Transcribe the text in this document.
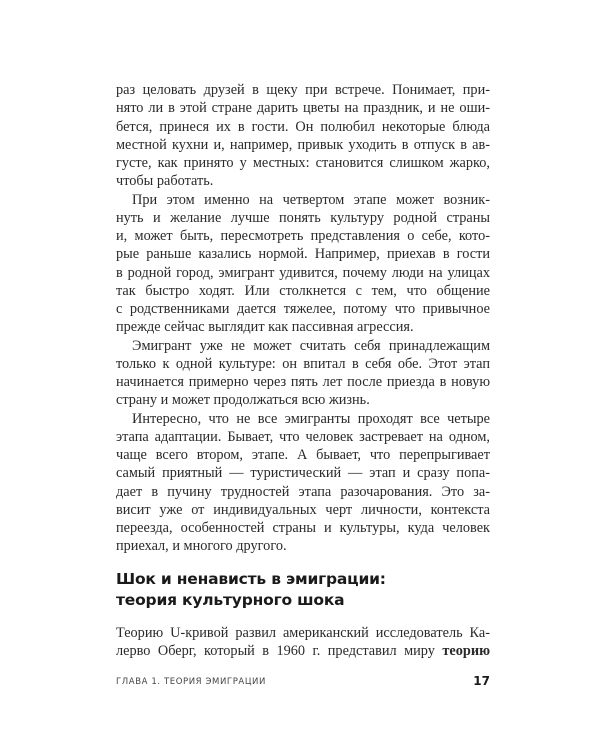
раз целовать друзей в щеку при встрече. Понимает, при-
нято ли в этой стране дарить цветы на праздник, и не оши-
бется, принеся их в гости. Он полюбил некоторые блюда
местной кухни и, например, привык уходить в отпуск в ав-
густе, как принято у местных: становится слишком жарко,
чтобы работать.
При этом именно на четвертом этапе может возник-
нуть и желание лучше понять культуру родной страны
и, может быть, пересмотреть представления о себе, кото-
рые раньше казались нормой. Например, приехав в гости
в родной город, эмигрант удивится, почему люди на улицах
так быстро ходят. Или столкнется с тем, что общение
с родственниками дается тяжелее, потому что привычное
прежде сейчас выглядит как пассивная агрессия.
Эмигрант уже не может считать себя принадлежащим
только к одной культуре: он впитал в себя обе. Этот этап
начинается примерно через пять лет после приезда в новую
страну и может продолжаться всю жизнь.
Интересно, что не все эмигранты проходят все четыре
этапа адаптации. Бывает, что человек застревает на одном,
чаще всего втором, этапе. А бывает, что перепрыгивает
самый приятный — туристический — этап и сразу попа-
дает в пучину трудностей этапа разочарования. Это за-
висит уже от индивидуальных черт личности, контекста
переезда, особенностей страны и культуры, куда человек
приехал, и многого другого.
Шок и ненависть в эмиграции:
теория культурного шока
Теорию U-кривой развил американский исследователь Ка-
лерво Оберг, который в 1960 г. представил миру теорию
ГЛАВА 1. ТЕОРИЯ ЭМИГРАЦИИ	17
